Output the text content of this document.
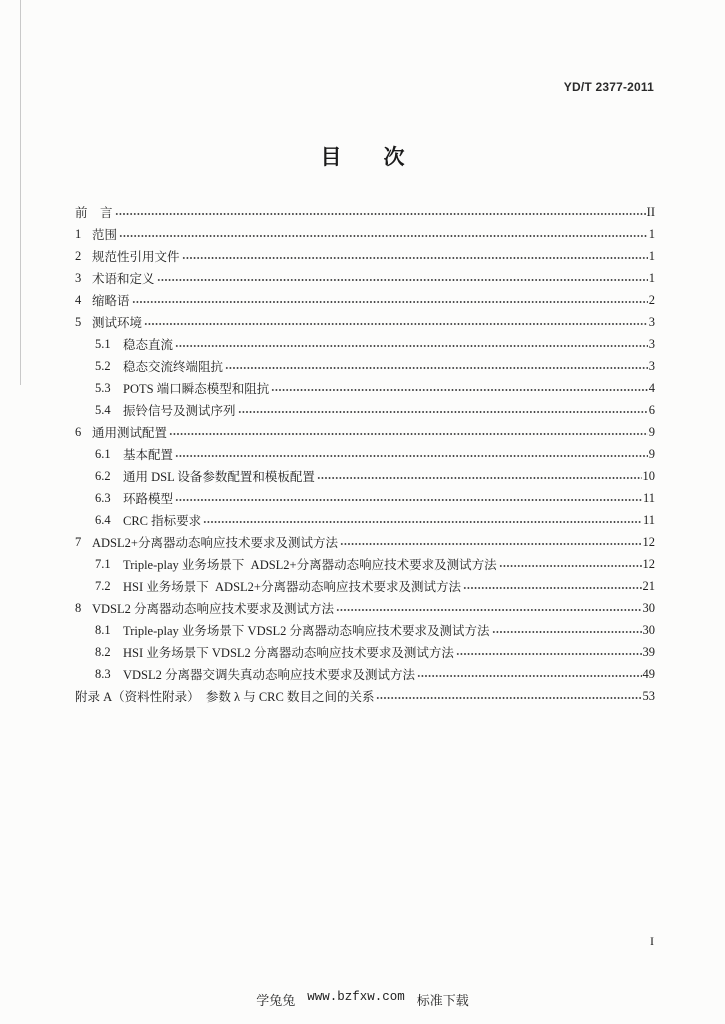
YD/T 2377-2011
目　　次
前　言	II
1 范围	1
2 规范性引用文件	1
3 术语和定义	1
4 缩略语	2
5 测试环境	3
5.1 稳态直流	3
5.2 稳态交流终端阻抗	3
5.3 POTS 端口瞬态模型和阻抗	4
5.4 振铃信号及测试序列	6
6 通用测试配置	9
6.1 基本配置	9
6.2 通用 DSL 设备参数配置和模板配置	10
6.3 环路模型	11
6.4 CRC 指标要求	11
7 ADSL2+分离器动态响应技术要求及测试方法	12
7.1 Triple-play 业务场景下  ADSL2+分离器动态响应技术要求及测试方法	12
7.2 HSI 业务场景下  ADSL2+分离器动态响应技术要求及测试方法	21
8 VDSL2 分离器动态响应技术要求及测试方法	30
8.1 Triple-play 业务场景下 VDSL2 分离器动态响应技术要求及测试方法	30
8.2 HSI 业务场景下 VDSL2 分离器动态响应技术要求及测试方法	39
8.3 VDSL2 分离器交调失真动态响应技术要求及测试方法	49
附录 A（资料性附录）  参数 λ 与 CRC 数目之间的关系	53
I
学兔兔 www.bzfxw.com 标准下载
